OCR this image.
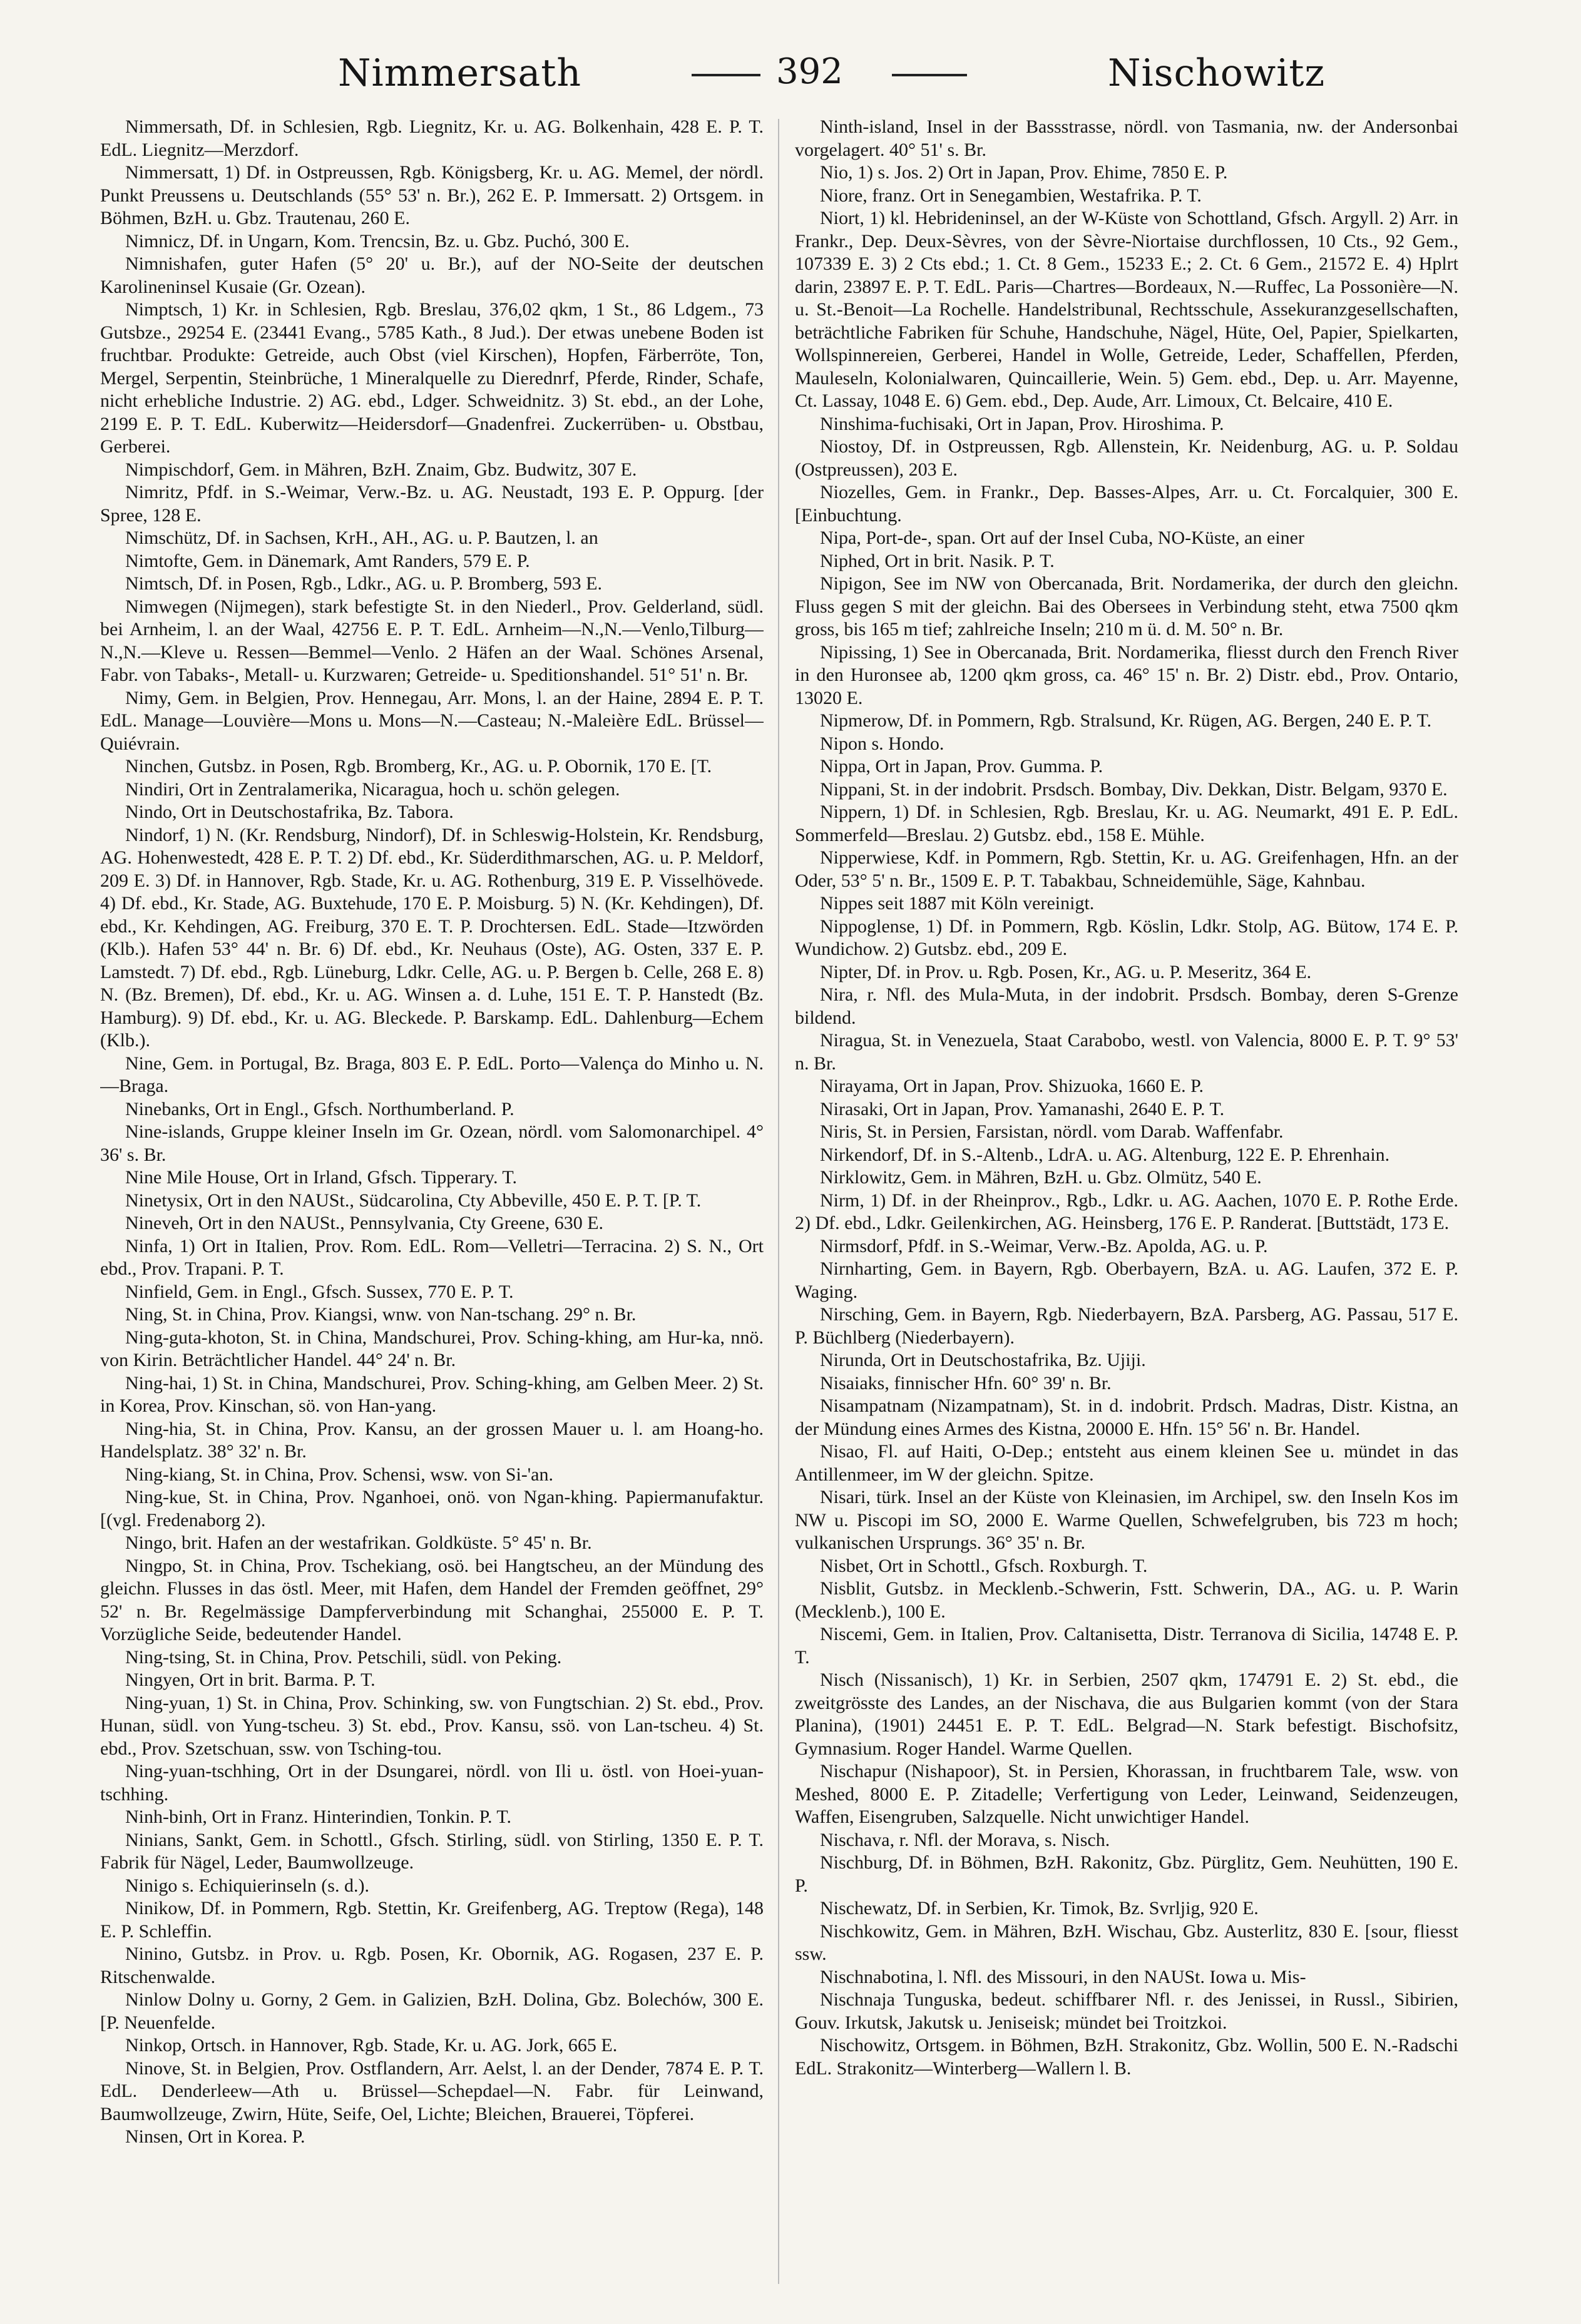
Nimmersath	392	Nischowitz

Nimmersath, Df. in Schlesien, Rgb. Liegnitz, Kr. u. AG. Bolkenhain, 428 E. P. T. EdL. Liegnitz—Merzdorf.

Nimmersatt, 1) Df. in Ostpreussen, Rgb. Königsberg, Kr. u. AG. Memel, der nördl. Punkt Preussens u. Deutschlands (55° 53' n. Br.), 262 E. P. Immersatt. 2) Ortsgem. in Böhmen, BzH. u. Gbz. Trautenau, 260 E.

Nimnicz, Df. in Ungarn, Kom. Trencsin, Bz. u. Gbz. Puchó, 300 E.

Nimnishafen, guter Hafen (5° 20' u. Br.), auf der NO-Seite der deutschen Karolineninsel Kusaie (Gr. Ozean).

Nimptsch, 1) Kr. in Schlesien, Rgb. Breslau, 376,02 qkm, 1 St., 86 Ldgem., 73 Gutsbze., 29254 E. (23441 Evang., 5785 Kath., 8 Jud.). Der etwas unebene Boden ist fruchtbar. Produkte: Getreide, auch Obst (viel Kirschen), Hopfen, Färberröte, Ton, Mergel, Serpentin, Steinbrüche, 1 Mineralquelle zu Dierednrf, Pferde, Rinder, Schafe, nicht erhebliche Industrie. 2) AG. ebd., Ldger. Schweidnitz. 3) St. ebd., an der Lohe, 2199 E. P. T. EdL. Kuberwitz—Heidersdorf—Gnadenfrei. Zuckerrüben- u. Obstbau, Gerberei.

Nimpischdorf, Gem. in Mähren, BzH. Znaim, Gbz. Budwitz, 307 E.

Nimritz, Pfdf. in S.-Weimar, Verw.-Bz. u. AG. Neustadt, 193 E. P. Oppurg. [der Spree, 128 E.

Nimschütz, Df. in Sachsen, KrH., AH., AG. u. P. Bautzen, l. an

Nimtofte, Gem. in Dänemark, Amt Randers, 579 E. P.

Nimtsch, Df. in Posen, Rgb., Ldkr., AG. u. P. Bromberg, 593 E.

Nimwegen (Nijmegen), stark befestigte St. in den Niederl., Prov. Gelderland, südl. bei Arnheim, l. an der Waal, 42756 E. P. T. EdL. Arnheim—N.,N.—Venlo,Tilburg—N.,N.—Kleve u. Ressen—Bemmel—Venlo. 2 Häfen an der Waal. Schönes Arsenal, Fabr. von Tabaks-, Metall- u. Kurzwaren; Getreide- u. Speditionshandel. 51° 51' n. Br.

Nimy, Gem. in Belgien, Prov. Hennegau, Arr. Mons, l. an der Haine, 2894 E. P. T. EdL. Manage—Louvière—Mons u. Mons—N.—Casteau; N.-Maleière EdL. Brüssel—Quiévrain.

Ninchen, Gutsbz. in Posen, Rgb. Bromberg, Kr., AG. u. P. Obornik, 170 E. [T.

Nindiri, Ort in Zentralamerika, Nicaragua, hoch u. schön gelegen.

Nindo, Ort in Deutschostafrika, Bz. Tabora.

Nindorf, 1) N. (Kr. Rendsburg, Nindorf), Df. in Schleswig-Holstein, Kr. Rendsburg, AG. Hohenwestedt, 428 E. P. T. 2) Df. ebd., Kr. Süderdithmarschen, AG. u. P. Meldorf, 209 E. 3) Df. in Hannover, Rgb. Stade, Kr. u. AG. Rothenburg, 319 E. P. Visselhövede. 4) Df. ebd., Kr. Stade, AG. Buxtehude, 170 E. P. Moisburg. 5) N. (Kr. Kehdingen), Df. ebd., Kr. Kehdingen, AG. Freiburg, 370 E. T. P. Drochtersen. EdL. Stade—Itzwörden (Klb.). Hafen 53° 44' n. Br. 6) Df. ebd., Kr. Neuhaus (Oste), AG. Osten, 337 E. P. Lamstedt. 7) Df. ebd., Rgb. Lüneburg, Ldkr. Celle, AG. u. P. Bergen b. Celle, 268 E. 8) N. (Bz. Bremen), Df. ebd., Kr. u. AG. Winsen a. d. Luhe, 151 E. T. P. Hanstedt (Bz. Hamburg). 9) Df. ebd., Kr. u. AG. Bleckede. P. Barskamp. EdL. Dahlenburg—Echem (Klb.).

Nine, Gem. in Portugal, Bz. Braga, 803 E. P. EdL. Porto—Valença do Minho u. N.—Braga.

Ninebanks, Ort in Engl., Gfsch. Northumberland. P.

Nine-islands, Gruppe kleiner Inseln im Gr. Ozean, nördl. vom Salomonarchipel. 4° 36' s. Br.

Nine Mile House, Ort in Irland, Gfsch. Tipperary. T.

Ninetysix, Ort in den NAUSt., Südcarolina, Cty Abbeville, 450 E. P. T. [P. T.

Nineveh, Ort in den NAUSt., Pennsylvania, Cty Greene, 630 E.

Ninfa, 1) Ort in Italien, Prov. Rom. EdL. Rom—Velletri—Terracina. 2) S. N., Ort ebd., Prov. Trapani. P. T.

Ninfield, Gem. in Engl., Gfsch. Sussex, 770 E. P. T.

Ning, St. in China, Prov. Kiangsi, wnw. von Nan-tschang. 29° n. Br.

Ning-guta-khoton, St. in China, Mandschurei, Prov. Sching-khing, am Hur-ka, nnö. von Kirin. Beträchtlicher Handel. 44° 24' n. Br.

Ning-hai, 1) St. in China, Mandschurei, Prov. Sching-khing, am Gelben Meer. 2) St. in Korea, Prov. Kinschan, sö. von Han-yang.

Ning-hia, St. in China, Prov. Kansu, an der grossen Mauer u. l. am Hoang-ho. Handelsplatz. 38° 32' n. Br.

Ning-kiang, St. in China, Prov. Schensi, wsw. von Si-'an.

Ning-kue, St. in China, Prov. Nganhoei, onö. von Ngan-khing. Papiermanufaktur. [(vgl. Fredenaborg 2).

Ningo, brit. Hafen an der westafrikan. Goldküste. 5° 45' n. Br.

Ningpo, St. in China, Prov. Tschekiang, osö. bei Hangtscheu, an der Mündung des gleichn. Flusses in das östl. Meer, mit Hafen, dem Handel der Fremden geöffnet, 29° 52' n. Br. Regelmässige Dampferverbindung mit Schanghai, 255000 E. P. T. Vorzügliche Seide, bedeutender Handel.

Ning-tsing, St. in China, Prov. Petschili, südl. von Peking.

Ningyen, Ort in brit. Barma. P. T.

Ning-yuan, 1) St. in China, Prov. Schinking, sw. von Fungtschian. 2) St. ebd., Prov. Hunan, südl. von Yung-tscheu. 3) St. ebd., Prov. Kansu, ssö. von Lan-tscheu. 4) St. ebd., Prov. Szetschuan, ssw. von Tsching-tou.

Ning-yuan-tschhing, Ort in der Dsungarei, nördl. von Ili u. östl. von Hoei-yuan-tschhing.

Ninh-binh, Ort in Franz. Hinterindien, Tonkin. P. T.

Ninians, Sankt, Gem. in Schottl., Gfsch. Stirling, südl. von Stirling, 1350 E. P. T. Fabrik für Nägel, Leder, Baumwollzeuge.

Ninigo s. Echiquierinseln (s. d.).

Ninikow, Df. in Pommern, Rgb. Stettin, Kr. Greifenberg, AG. Treptow (Rega), 148 E. P. Schleffin.

Ninino, Gutsbz. in Prov. u. Rgb. Posen, Kr. Obornik, AG. Rogasen, 237 E. P. Ritschenwalde.

Ninlow Dolny u. Gorny, 2 Gem. in Galizien, BzH. Dolina, Gbz. Bolechów, 300 E. [P. Neuenfelde.

Ninkop, Ortsch. in Hannover, Rgb. Stade, Kr. u. AG. Jork, 665 E.

Ninove, St. in Belgien, Prov. Ostflandern, Arr. Aelst, l. an der Dender, 7874 E. P. T. EdL. Denderleew—Ath u. Brüssel—Schepdael—N. Fabr. für Leinwand, Baumwollzeuge, Zwirn, Hüte, Seife, Oel, Lichte; Bleichen, Brauerei, Töpferei.

Ninsen, Ort in Korea. P.

Ninth-island, Insel in der Bassstrasse, nördl. von Tasmania, nw. der Andersonbai vorgelagert. 40° 51' s. Br.

Nio, 1) s. Jos. 2) Ort in Japan, Prov. Ehime, 7850 E. P.

Niore, franz. Ort in Senegambien, Westafrika. P. T.

Niort, 1) kl. Hebrideninsel, an der W-Küste von Schottland, Gfsch. Argyll. 2) Arr. in Frankr., Dep. Deux-Sèvres, von der Sèvre-Niortaise durchflossen, 10 Cts., 92 Gem., 107339 E. 3) 2 Cts ebd.; 1. Ct. 8 Gem., 15233 E.; 2. Ct. 6 Gem., 21572 E. 4) Hplrt darin, 23897 E. P. T. EdL. Paris—Chartres—Bordeaux, N.—Ruffec, La Possonière—N. u. St.-Benoit—La Rochelle. Handelstribunal, Rechtsschule, Assekuranzgesellschaften, beträchtliche Fabriken für Schuhe, Handschuhe, Nägel, Hüte, Oel, Papier, Spielkarten, Wollspinnereien, Gerberei, Handel in Wolle, Getreide, Leder, Schaffellen, Pferden, Mauleseln, Kolonialwaren, Quincaillerie, Wein. 5) Gem. ebd., Dep. u. Arr. Mayenne, Ct. Lassay, 1048 E. 6) Gem. ebd., Dep. Aude, Arr. Limoux, Ct. Belcaire, 410 E.

Ninshima-fuchisaki, Ort in Japan, Prov. Hiroshima. P.

Niostoy, Df. in Ostpreussen, Rgb. Allenstein, Kr. Neidenburg, AG. u. P. Soldau (Ostpreussen), 203 E.

Niozelles, Gem. in Frankr., Dep. Basses-Alpes, Arr. u. Ct. Forcalquier, 300 E. [Einbuchtung.

Nipa, Port-de-, span. Ort auf der Insel Cuba, NO-Küste, an einer

Niphed, Ort in brit. Nasik. P. T.

Nipigon, See im NW von Obercanada, Brit. Nordamerika, der durch den gleichn. Fluss gegen S mit der gleichn. Bai des Obersees in Verbindung steht, etwa 7500 qkm gross, bis 165 m tief; zahlreiche Inseln; 210 m ü. d. M. 50° n. Br.

Nipissing, 1) See in Obercanada, Brit. Nordamerika, fliesst durch den French River in den Huronsee ab, 1200 qkm gross, ca. 46° 15' n. Br. 2) Distr. ebd., Prov. Ontario, 13020 E.

Nipmerow, Df. in Pommern, Rgb. Stralsund, Kr. Rügen, AG. Bergen, 240 E. P. T.

Nipon s. Hondo.

Nippa, Ort in Japan, Prov. Gumma. P.

Nippani, St. in der indobrit. Prsdsch. Bombay, Div. Dekkan, Distr. Belgam, 9370 E.

Nippern, 1) Df. in Schlesien, Rgb. Breslau, Kr. u. AG. Neumarkt, 491 E. P. EdL. Sommerfeld—Breslau. 2) Gutsbz. ebd., 158 E. Mühle.

Nipperwiese, Kdf. in Pommern, Rgb. Stettin, Kr. u. AG. Greifenhagen, Hfn. an der Oder, 53° 5' n. Br., 1509 E. P. T. Tabakbau, Schneidemühle, Säge, Kahnbau.

Nippes seit 1887 mit Köln vereinigt.

Nippoglense, 1) Df. in Pommern, Rgb. Köslin, Ldkr. Stolp, AG. Bütow, 174 E. P. Wundichow. 2) Gutsbz. ebd., 209 E.

Nipter, Df. in Prov. u. Rgb. Posen, Kr., AG. u. P. Meseritz, 364 E.

Nira, r. Nfl. des Mula-Muta, in der indobrit. Prsdsch. Bombay, deren S-Grenze bildend.

Niragua, St. in Venezuela, Staat Carabobo, westl. von Valencia, 8000 E. P. T. 9° 53' n. Br.

Nirayama, Ort in Japan, Prov. Shizuoka, 1660 E. P.

Nirasaki, Ort in Japan, Prov. Yamanashi, 2640 E. P. T.

Niris, St. in Persien, Farsistan, nördl. vom Darab. Waffenfabr.

Nirkendorf, Df. in S.-Altenb., LdrA. u. AG. Altenburg, 122 E. P. Ehrenhain.

Nirklowitz, Gem. in Mähren, BzH. u. Gbz. Olmütz, 540 E.

Nirm, 1) Df. in der Rheinprov., Rgb., Ldkr. u. AG. Aachen, 1070 E. P. Rothe Erde. 2) Df. ebd., Ldkr. Geilenkirchen, AG. Heinsberg, 176 E. P. Randerat. [Buttstädt, 173 E.

Nirmsdorf, Pfdf. in S.-Weimar, Verw.-Bz. Apolda, AG. u. P.

Nirnharting, Gem. in Bayern, Rgb. Oberbayern, BzA. u. AG. Laufen, 372 E. P. Waging.

Nirsching, Gem. in Bayern, Rgb. Niederbayern, BzA. Parsberg, AG. Passau, 517 E. P. Büchlberg (Niederbayern).

Nirunda, Ort in Deutschostafrika, Bz. Ujiji.

Nisaiaks, finnischer Hfn. 60° 39' n. Br.

Nisampatnam (Nizampatnam), St. in d. indobrit. Prdsch. Madras, Distr. Kistna, an der Mündung eines Armes des Kistna, 20000 E. Hfn. 15° 56' n. Br. Handel.

Nisao, Fl. auf Haiti, O-Dep.; entsteht aus einem kleinen See u. mündet in das Antillenmeer, im W der gleichn. Spitze.

Nisari, türk. Insel an der Küste von Kleinasien, im Archipel, sw. den Inseln Kos im NW u. Piscopi im SO, 2000 E. Warme Quellen, Schwefelgruben, bis 723 m hoch; vulkanischen Ursprungs. 36° 35' n. Br.

Nisbet, Ort in Schottl., Gfsch. Roxburgh. T.

Nisblit, Gutsbz. in Mecklenb.-Schwerin, Fstt. Schwerin, DA., AG. u. P. Warin (Mecklenb.), 100 E.

Niscemi, Gem. in Italien, Prov. Caltanisetta, Distr. Terranova di Sicilia, 14748 E. P. T.

Nisch (Nissanisch), 1) Kr. in Serbien, 2507 qkm, 174791 E. 2) St. ebd., die zweitgrösste des Landes, an der Nischava, die aus Bulgarien kommt (von der Stara Planina), (1901) 24451 E. P. T. EdL. Belgrad—N. Stark befestigt. Bischofsitz, Gymnasium. Roger Handel. Warme Quellen.

Nischapur (Nishapoor), St. in Persien, Khorassan, in fruchtbarem Tale, wsw. von Meshed, 8000 E. P. Zitadelle; Verfertigung von Leder, Leinwand, Seidenzeugen, Waffen, Eisengruben, Salzquelle. Nicht unwichtiger Handel.

Nischava, r. Nfl. der Morava, s. Nisch.

Nischburg, Df. in Böhmen, BzH. Rakonitz, Gbz. Pürglitz, Gem. Neuhütten, 190 E. P.

Nischewatz, Df. in Serbien, Kr. Timok, Bz. Svrljig, 920 E.

Nischkowitz, Gem. in Mähren, BzH. Wischau, Gbz. Austerlitz, 830 E. [sour, fliesst ssw.

Nischnabotina, l. Nfl. des Missouri, in den NAUSt. Iowa u. Mis-

Nischnaja Tunguska, bedeut. schiffbarer Nfl. r. des Jenissei, in Russl., Sibirien, Gouv. Irkutsk, Jakutsk u. Jeniseisk; mündet bei Troitzkoi.

Nischowitz, Ortsgem. in Böhmen, BzH. Strakonitz, Gbz. Wollin, 500 E. N.-Radschi EdL. Strakonitz—Winterberg—Wallern l. B.
